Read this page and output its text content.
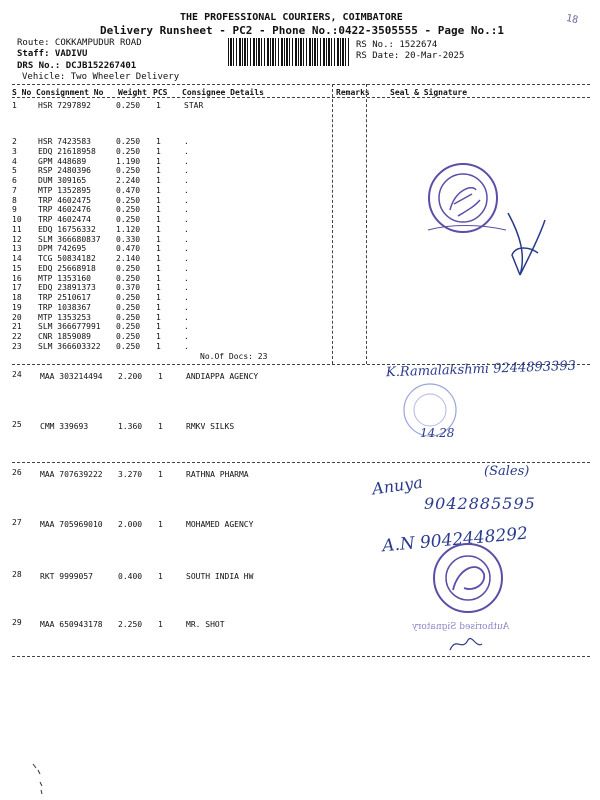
THE PROFESSIONAL COURIERS, COIMBATORE
Delivery Runsheet - PC2 - Phone No.:0422-3505555 - Page No.:1
18
Route: COKKAMPUDUR ROAD
Staff: VADIVU
DRS No.: DCJB152267401
Vehicle: Two Wheeler Delivery
RS No.: 1522674
RS Date: 20-Mar-2025
S No Consignment No Weight PCS Consignee Details	Remarks	Seal & Signature
1	HSR 7297892	0.250 1	STAR
2	HSR 7423583	0.250 1	.
3	EDQ 21618958	0.250 1	.
4	GPM 448689	1.190 1	.
5	RSP 2480396	0.250 1	.
6	DUM 309165	2.240 1	.
7	MTP 1352895	0.470 1	.
8	TRP 4602475	0.250 1	.
9	TRP 4602476	0.250 1	.
10 TRP 4602474	0.250 1	.
11 EDQ 16756332	1.120 1	.
12 SLM 366680837 0.330 1	.
13 DPM 742695	0.470 1	.
14 TCG 50834182	2.140 1	.
15 EDQ 25668918	0.250 1	.
16 MTP 1353160	0.250 1	.
17 EDQ 23891373	0.370 1	.
18 TRP 2510617	0.250 1	.
19 TRP 1038367	0.250 1	.
20 MTP 1353253	0.250 1	.
21 SLM 366677991 0.250 1	.
22 CNR 1859089	0.250 1	.
23 SLM 366603322 0.250 1	.
24 MAA 303214494 2.200 1	ANDIAPPA AGENCY
25 CMM 339693	1.360 1	RMKV SILKS
26 MAA 707639222 3.270 1	RATHNA PHARMA
27 MAA 705969010 2.000 1	MOHAMED AGENCY
28 RKT 9999057	0.400 1	SOUTH INDIA HW
29 MAA 650943178 2.250 1	MR. SHOT
No.Of Docs: 23
K.Ramalakshmi 9244893393
14.28
Anuya
(Sales)
9042885595
A.N 9042448292
Authorised Signatory
